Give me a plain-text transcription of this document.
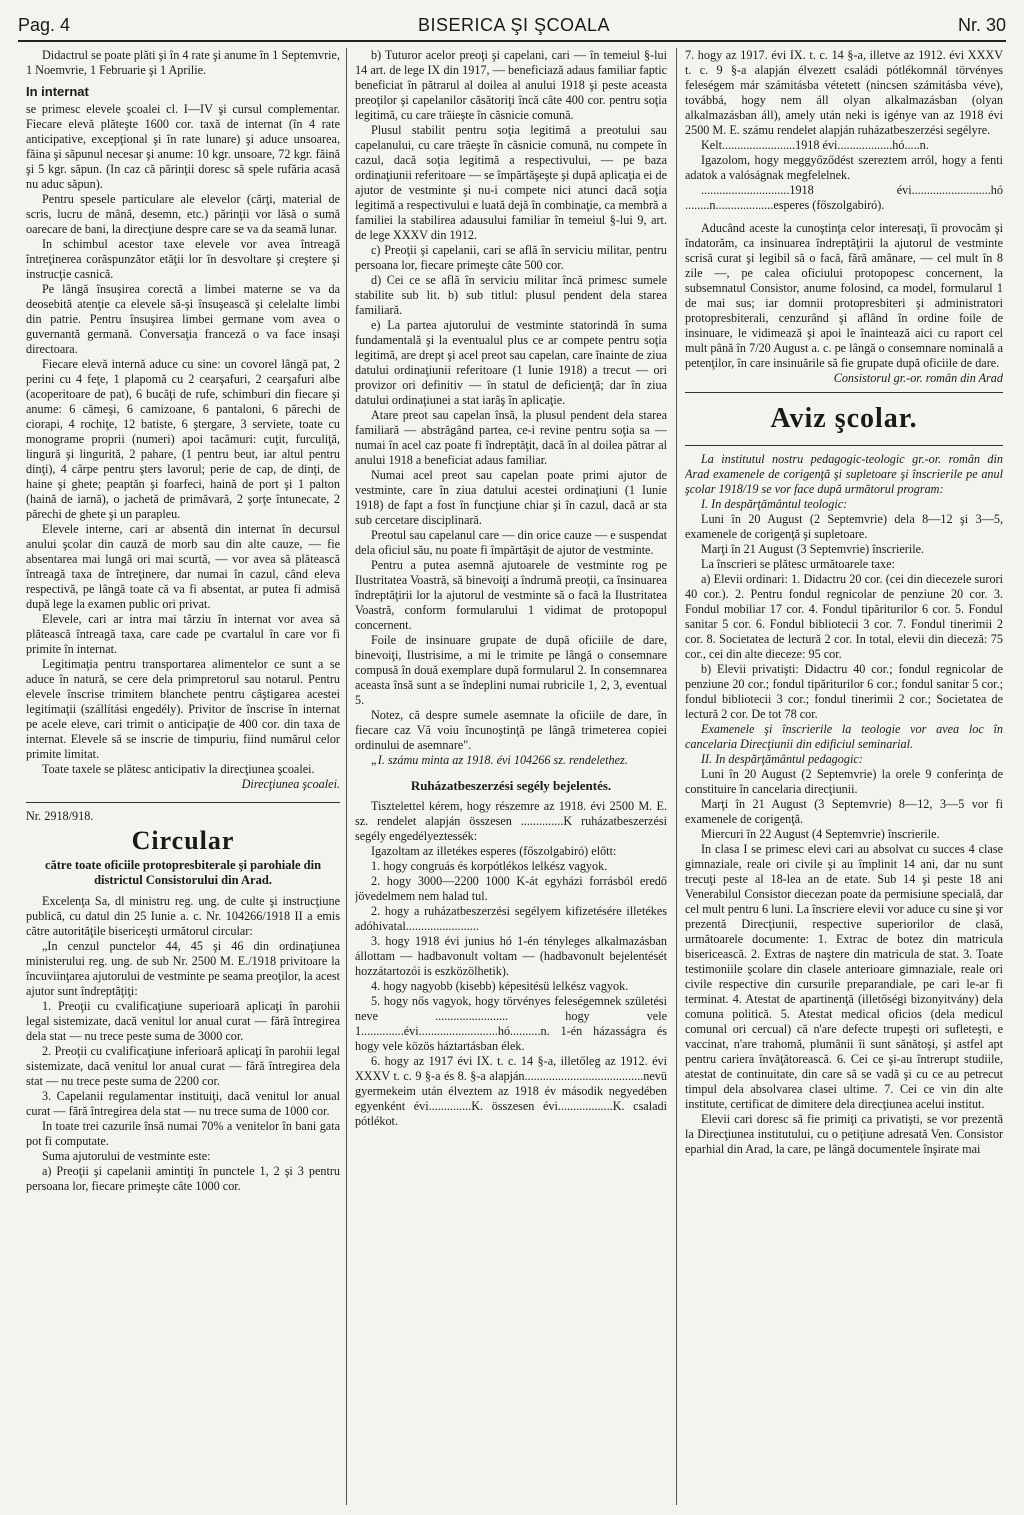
Pag. 4	BISERICA ŞI ŞCOALA	Nr. 30

Didactrul se poate plăti şi în 4 rate şi anume în 1 Septemvrie, 1 Noemvrie, 1 Februarie şi 1 Aprilie.

In internat

se primesc elevele şcoalei cl. I—IV şi cursul complementar. Fiecare elevă plăteşte 1600 cor. taxă de internat (în 4 rate anticipative, excepţional şi în rate lunare) şi aduce unsoarea, făina şi săpunul necesar şi anume: 10 kgr. unsoare, 72 kgr. făină şi 5 kgr. săpun. (In caz că părinţii doresc să spele rufăria acasă nu aduc săpun).

Pentru spesele particulare ale elevelor (cărţi, material de scris, lucru de mână, desemn, etc.) părinţii vor lăsă o sumă oarecare de bani, la direcţiune despre care se va da seamă lunar.

In schimbul acestor taxe elevele vor avea întreagă întreţinerea corăspunzător etăţii lor în desvoltare şi creştere şi instrucţie casnică.

Pe lângă însuşirea corectă a limbei materne se va da deosebită atenţie ca elevele să-şi însuşească şi celelalte limbi din patrie. Pentru însuşirea limbei germane vom avea o guvernantă germană. Conversaţia franceză o va face insaşi directoara.

Fiecare elevă internă aduce cu sine: un covorel lângă pat, 2 perini cu 4 feţe, 1 plapomă cu 2 cearşafuri, 2 cearşafuri albe (acoperitoare de pat), 6 bucăţi de rufe, schimburi din fiecare şi anume: 6 cămeşi, 6 camizoane, 6 pantaloni, 6 părechi de ciorapi, 4 rochiţe, 12 batiste, 6 ştergare, 3 serviete, toate cu monograme proprii (numeri) apoi tacâmuri: cuţit, furculiţă, lingură şi lingurită, 2 pahare, (1 pentru beut, iar altul pentru dinţi), 4 cârpe pentru şters lavorul; perie de cap, de dinţi, de haine şi ghete; peaptăn şi foarfeci, haină de port şi 1 palton (haină de iarnă), o jachetă de primăvară, 2 şorţe întunecate, 2 părechi de ghete şi un parapleu.

Elevele interne, cari ar absentă din internat în decursul anului şcolar din cauză de morb sau din alte cauze, — fie absentarea mai lungă ori mai scurtă, — vor avea să plătească întreagă taxa de întreţinere, dar numai în cazul, când eleva respectivă, pe lângă toate că va fi absentat, ar putea fi admisă după lege la examen public ori privat.

Elevele, cari ar intra mai târziu în internat vor avea să plătească întreagă taxa, care cade pe cvartalul în care vor fi primite în internat.

Legitimaţia pentru transportarea alimentelor ce sunt a se aduce în natură, se cere dela primpretorul sau notarul. Pentru elevele înscrise trimitem blanchete pentru câştigarea acestei legitimaţii (szállítási engedély). Privitor de înscrise în internat pe acele eleve, cari trimit o anticipaţie de 400 cor. din taxa de internat. Elevele să se inscrie de timpuriu, fiind numărul celor primite limitat.

Toate taxele se plătesc anticipativ la direcţiunea şcoalei.

Direcţiunea şcoalei.

Nr. 2918/918.

Circular
către toate oficiile protopresbiterale şi parohiale din districtul Consistorului din Arad.

Excelenţa Sa, dl ministru reg. ung. de culte şi instrucţiune publică, cu datul din 25 Iunie a. c. Nr. 104266/1918 II a emis către autorităţile bisericeşti următorul circular:

„In cenzul punctelor 44, 45 şi 46 din ordinaţiunea ministerului reg. ung. de sub Nr. 2500 M. E./1918 privitoare la încuviinţarea ajutorului de vestminte pe seama preoţilor, la acest ajutor sunt îndreptăţiţi:

1. Preoţii cu cvalificaţiune superioară aplicaţi în parohii legal sistemizate, dacă venitul lor anual curat — fără întregirea dela stat — nu trece peste suma de 3000 cor.

2. Preoţii cu cvalificaţiune inferioară aplicaţi în parohii legal sistemizate, dacă venitul lor anual curat — fără întregirea dela stat — nu trece peste suma de 2200 cor.

3. Capelanii regulamentar instituiţi, dacă venitul lor anual curat — fără întregirea dela stat — nu trece suma de 1000 cor.

In toate trei cazurile însă numai 70% a venitelor în bani gata pot fi computate.

Suma ajutorului de vestminte este:

a) Preoţii şi capelanii amintiţi în punctele 1, 2 şi 3 pentru persoana lor, fiecare primeşte câte 1000 cor.

b) Tuturor acelor preoţi şi capelani, cari — în temeiul §-lui 14 art. de lege IX din 1917, — beneficiază adaus familiar faptic beneficiat în pătrarul al doilea al anului 1918 şi peste aceasta preoţilor şi capelanilor căsătoriţi încă câte 400 cor. pentru soţia legitimă, cu care trăieşte în căsnicie comună.

Plusul stabilit pentru soţia legitimă a preotului sau capelanului, cu care trăeşte în căsnicie comună, nu compete în cazul, dacă soţia legitimă a respectivului, — pe baza ordinaţiunii referitoare — se împărtăşeşte şi după aplicaţia ei de ajutor de vestminte şi nu-i compete nici atunci dacă soţia legitimă a respectivului e luată dejă în combinaţie, ca membră a familiei la stabilirea adausului familiar în temeiul §-lui 9, art. de lege XXXV din 1912.

c) Preoţii şi capelanii, cari se află în serviciu militar, pentru persoana lor, fiecare primeşte câte 500 cor.

d) Cei ce se află în serviciu militar încă primesc sumele stabilite sub lit. b) sub titlul: plusul pendent dela starea familiară.

e) La partea ajutorului de vestminte statorindă în suma fundamentală şi la eventualul plus ce ar compete pentru soţia legitimă, are drept şi acel preot sau capelan, care înainte de ziua datului ordinaţiunii referitoare (1 Iunie 1918) a trecut — ori provizor ori definitiv — în statul de deficienţă; dar în ziua datului ordinaţiunei a stat iarăş în aplicaţie.

Atare preot sau capelan însă, la plusul pendent dela starea familiară — abstrăgând partea, ce-i revine pentru soţia sa — numai în acel caz poate fi îndreptăţit, dacă în al doilea pătrar al anului 1918 a beneficiat adaus familiar.

Numai acel preot sau capelan poate primi ajutor de vestminte, care în ziua datului acestei ordinaţiuni (1 Iunie 1918) de fapt a fost în funcţiune chiar şi în cazul, dacă ar sta sub cercetare disciplinară.

Preotul sau capelanul care — din orice cauze — e suspendat dela oficiul său, nu poate fi împărtăşit de ajutor de vestminte.

Pentru a putea asemnă ajutoarele de vestminte rog pe Ilustritatea Voastră, să binevoiţi a îndrumă preoţii, ca însinuarea îndreptăţirii lor la ajutorul de vestminte să o facă la Ilustritatea Voastră, conform formularului 1 vidimat de protopopul concernent.

Foile de insinuare grupate de după oficiile de dare, binevoiţi, Ilustrisime, a mi le trimite pe lângă o consemnare compusă în două exemplare după formularul 2. In consemnarea aceasta însă sunt a se îndeplini numai rubricile 1, 2, 3, eventual 5.

Notez, că despre sumele asemnate la oficiile de dare, în fiecare caz Vă voiu încunoştinţă pe lângă trimeterea copiei ordinului de asemnare".

„I. számu minta az 1918. évi 104266 sz. rendelethez.

Ruházatbeszerzési segély bejelentés.

Tisztelettel kérem, hogy részemre az 1918. évi 2500 M. E. sz. rendelet alapján összesen ..............K ruházatbeszerzési segély engedélyeztessék:

Igazoltam az illetékes esperes (főszolgabiró) előtt:

1. hogy congruás és korpótlékos lelkész vagyok.

2. hogy 3000—2200 1000 K-át egyházi forrásból eredő jövedelmem nem halad tul.

2. hogy a ruházatbeszerzési segélyem kifizetésére illetékes adóhivatal........................

3. hogy 1918 évi junius hó 1-én tényleges alkalmazásban állottam — hadbavonult voltam — (hadbavonult bejelentését hozzátartozói is eszközölhetik).

4. hogy nagyobb (kisebb) képesitésü lelkész vagyok.

5. hogy nős vagyok, hogy törvényes feleségemnek születési neve ........................ hogy vele 1..............évi..........................hó..........n. 1-én házasságra és hogy vele közös háztartásban élek.

6. hogy az 1917 évi IX. t. c. 14 §-a, illetőleg az 1912. évi XXXV t. c. 9 §-a és 8. §-a alapján.......................................nevü gyermekeim után élveztem az 1918 év második negyedében egyenként évi..............K. összesen évi..................K. csaladi pótlékot.

7. hogy az 1917. évi IX. t. c. 14 §-a, illetve az 1912. évi XXXV t. c. 9 §-a alapján élvezett családi pótlékomnál törvényes feleségem már számitásba vétetett (nincsen számitásba véve), továbbá, hogy nem áll olyan alkalmazásban (olyan alkalmazásban áll), amely után neki is igénye van az 1918 évi 2500 M. E. számu rendelet alapján ruházatbeszerzési segélyre.

Kelt........................1918 évi..................hó.....n.

Igazolom, hogy meggyőződést szereztem arról, hogy a fenti adatok a valóságnak megfelelnek.

.............................1918 évi..........................hó ........n...................esperes (főszolgabiró).

Aducând aceste la cunoştinţa celor interesaţi, îi provocăm şi îndatorăm, ca insinuarea îndreptăţirii la ajutorul de vestminte scrisă curat şi legibil să o facă, fără amânare, — cel mult în 8 zile —, pe calea oficiului protopopesc concernent, la subsemnatul Consistor, anume folosind, ca model, formularul 1 de mai sus; iar domnii protopresbiteri şi administratori protopresbiterali, cenzurând şi aflând în ordine foile de insinuare, le vidimează şi apoi le înaintează aici cu raport cel mult până în 7/20 August a. c. pe lângă o consemnare nominală a petenţilor, în care insinuările să fie grupate după oficiile de dare.

Consistorul gr.-or. român din Arad
Aviz şcolar.

La institutul nostru pedagogic-teologic gr.-or. român din Arad examenele de corigenţă şi supletoare şi înscrierile pe anul şcolar 1918/19 se vor face după următorul program:

I. In despărţământul teologic:

Luni în 20 August (2 Septemvrie) dela 8—12 şi 3—5, examenele de corigenţă şi supletoare.

Marţi în 21 August (3 Septemvrie) înscrierile.

La înscrieri se plătesc următoarele taxe:

a) Elevii ordinari: 1. Didactru 20 cor. (cei din diecezele surori 40 cor.). 2. Pentru fondul regnicolar de penziune 20 cor. 3. Fondul mobiliar 17 cor. 4. Fondul tipăriturilor 6 cor. 5. Fondul sanitar 5 cor. 6. Fondul bibliotecii 3 cor. 7. Fondul tinerimii 2 cor. 8. Societatea de lectură 2 cor. In total, elevii din dieceză: 75 cor., cei din alte dieceze: 95 cor.

b) Elevii privatişti: Didactru 40 cor.; fondul regnicolar de penziune 20 cor.; fondul tipăriturilor 6 cor.; fondul sanitar 5 cor.; fondul bibliotecii 3 cor.; fondul tinerimii 2 cor.; Societatea de lectură 2 cor. De tot 78 cor.

Examenele şi înscrierile la teologie vor avea loc în cancelaria Direcţiunii din edificiul seminarial.

II. In despărţământul pedagogic:

Luni în 20 August (2 Septemvrie) la orele 9 conferinţa de constituire în cancelaria direcţiunii.

Marţi în 21 August (3 Septemvrie) 8—12, 3—5 vor fi examenele de corigenţă.

Miercuri în 22 August (4 Septemvrie) înscrierile.

In clasa I se primesc elevi cari au absolvat cu succes 4 clase gimnaziale, reale ori civile şi au împlinit 14 ani, dar nu sunt trecuţi peste al 18-lea an de etate. Sub 14 şi peste 18 ani Venerabilul Consistor diecezan poate da permisiune specială, dar cel mult pentru 6 luni. La înscriere elevii vor aduce cu sine şi vor prezentă Direcţiunii, respective superiorilor de clasă, următoarele documente: 1. Extrac de botez din matricula bisericească. 2. Extras de naştere din matricula de stat. 3. Toate testimoniile şcolare din clasele anterioare gimnaziale, reale ori civile respective din cursurile preparandiale, pe cari le-ar fi terminat. 4. Atestat de apartinenţă (illetőségi bizonyitvány) dela comuna politică. 5. Atestat medical oficios (dela medicul comunal ori cercual) că n'are defecte trupeşti ori sufleteşti, e vaccinat, n'are trahomă, plumânii îi sunt sănătoşi, şi astfel apt pentru cariera învăţătorească. 6. Cei ce şi-au întrerupt studiile, atestat de continuitate, din care să se vadă şi cu ce au petrecut timpul dela absolvarea clasei ultime. 7. Cei ce vin din alte institute, certificat de dimitere dela direcţiunea acelui institut.

Elevii cari doresc să fie primiţi ca privatişti, se vor prezentă la Direcţiunea institutului, cu o petiţiune adresată Ven. Consistor eparhial din Arad, la care, pe lângă documentele înşirate mai
